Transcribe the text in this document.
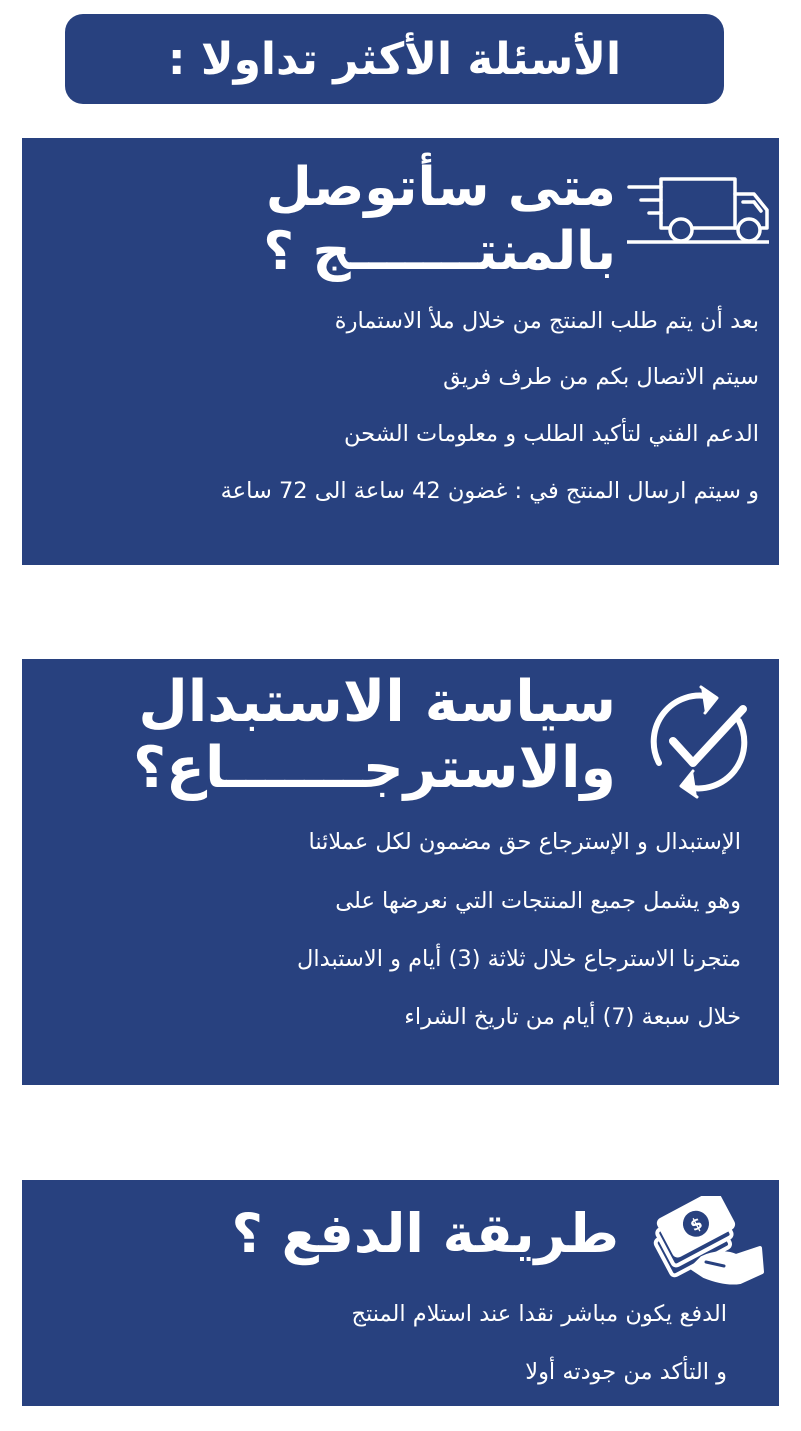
الأسئلة الأكثر تداولا :
متى سأتوصل
بالمنتـــــــج ؟
بعد أن يتم طلب المنتج من خلال ملأ الاستمارة
سيتم الاتصال بكم من طرف فريق
الدعم الفني لتأكيد الطلب و معلومات الشحن
و سيتم ارسال المنتج في : غضون 42 ساعة الى 72 ساعة
سياسة الاستبدال
والاسترجـــــــاع؟
الإستبدال و الإسترجاع حق مضمون لكل عملائنا
وهو يشمل جميع المنتجات التي نعرضها على
متجرنا الاسترجاع خلال ثلاثة (3) أيام و الاستبدال
خلال سبعة (7) أيام من تاريخ الشراء
$
طريقة الدفع ؟
الدفع يكون مباشر نقدا عند استلام المنتج
و التأكد من جودته أولا
